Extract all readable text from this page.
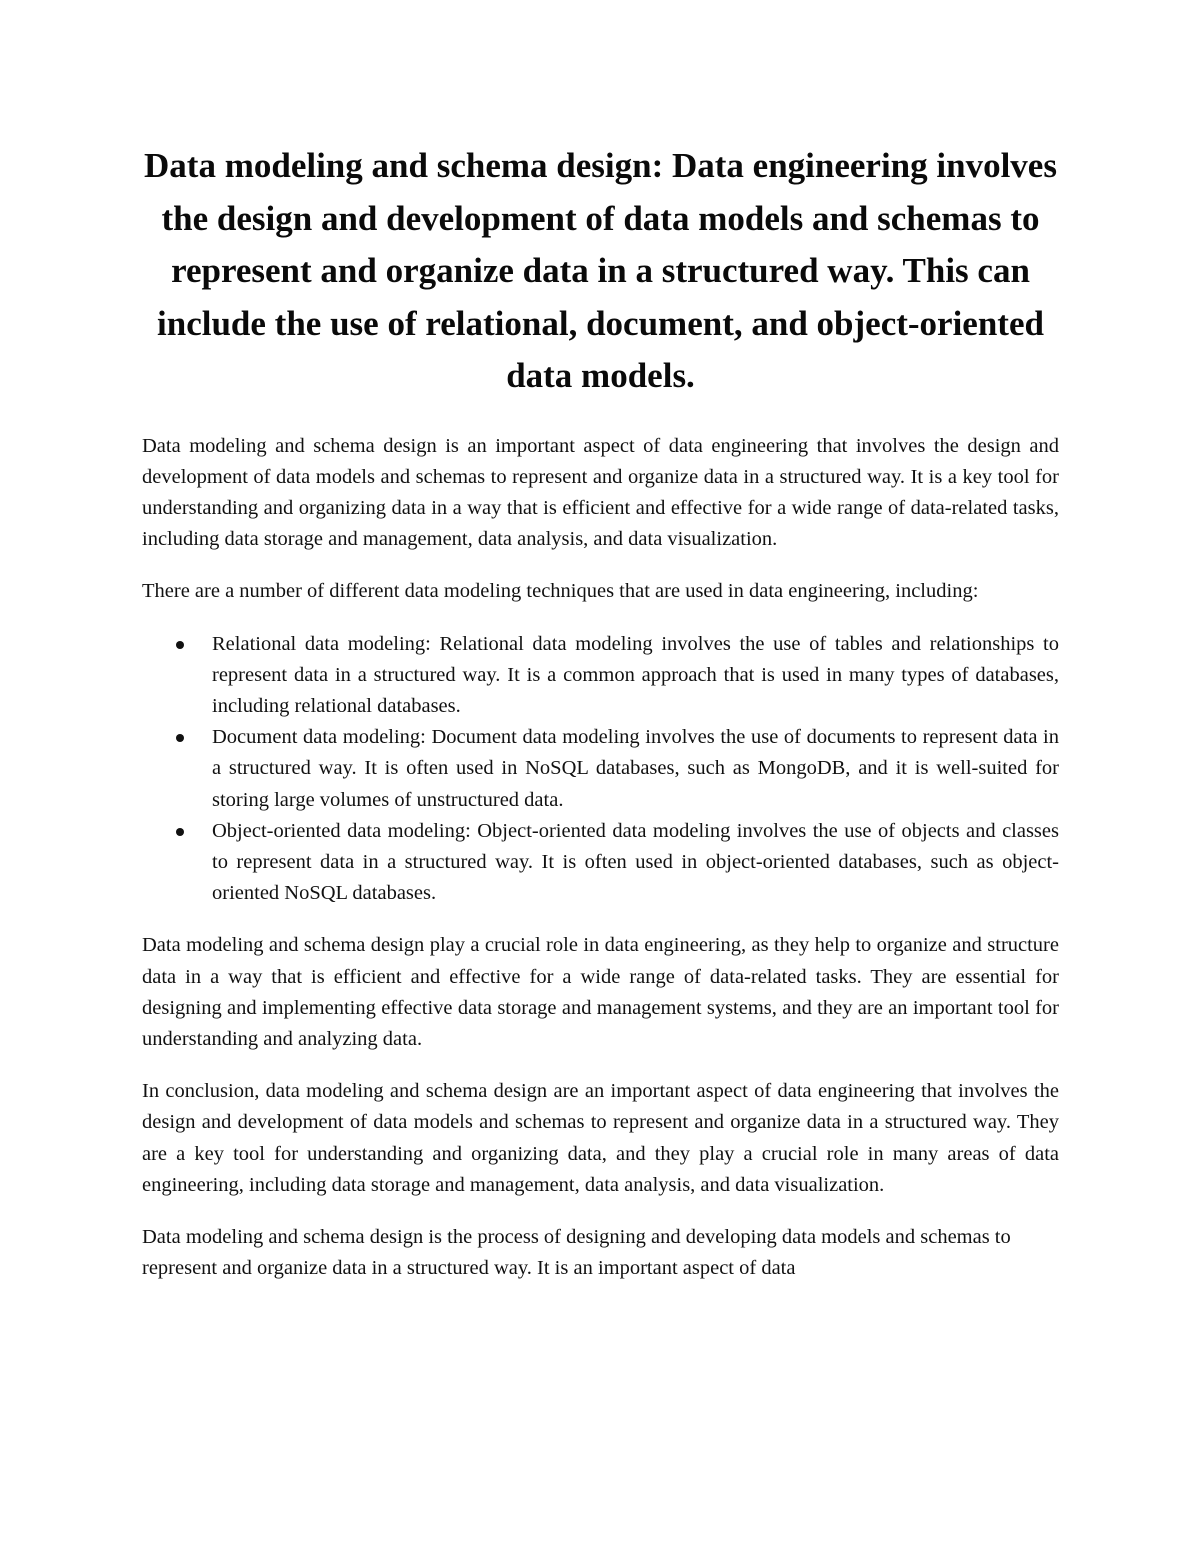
Data modeling and schema design: Data engineering involves the design and development of data models and schemas to represent and organize data in a structured way. This can include the use of relational, document, and object-oriented data models.

Data modeling and schema design is an important aspect of data engineering that involves the design and development of data models and schemas to represent and organize data in a structured way. It is a key tool for understanding and organizing data in a way that is efficient and effective for a wide range of data-related tasks, including data storage and management, data analysis, and data visualization.

There are a number of different data modeling techniques that are used in data engineering, including:

Relational data modeling: Relational data modeling involves the use of tables and relationships to represent data in a structured way. It is a common approach that is used in many types of databases, including relational databases.
Document data modeling: Document data modeling involves the use of documents to represent data in a structured way. It is often used in NoSQL databases, such as MongoDB, and it is well-suited for storing large volumes of unstructured data.
Object-oriented data modeling: Object-oriented data modeling involves the use of objects and classes to represent data in a structured way. It is often used in object-oriented databases, such as object-oriented NoSQL databases.

Data modeling and schema design play a crucial role in data engineering, as they help to organize and structure data in a way that is efficient and effective for a wide range of data-related tasks. They are essential for designing and implementing effective data storage and management systems, and they are an important tool for understanding and analyzing data.

In conclusion, data modeling and schema design are an important aspect of data engineering that involves the design and development of data models and schemas to represent and organize data in a structured way. They are a key tool for understanding and organizing data, and they play a crucial role in many areas of data engineering, including data storage and management, data analysis, and data visualization.

Data modeling and schema design is the process of designing and developing data models and schemas to represent and organize data in a structured way. It is an important aspect of data
